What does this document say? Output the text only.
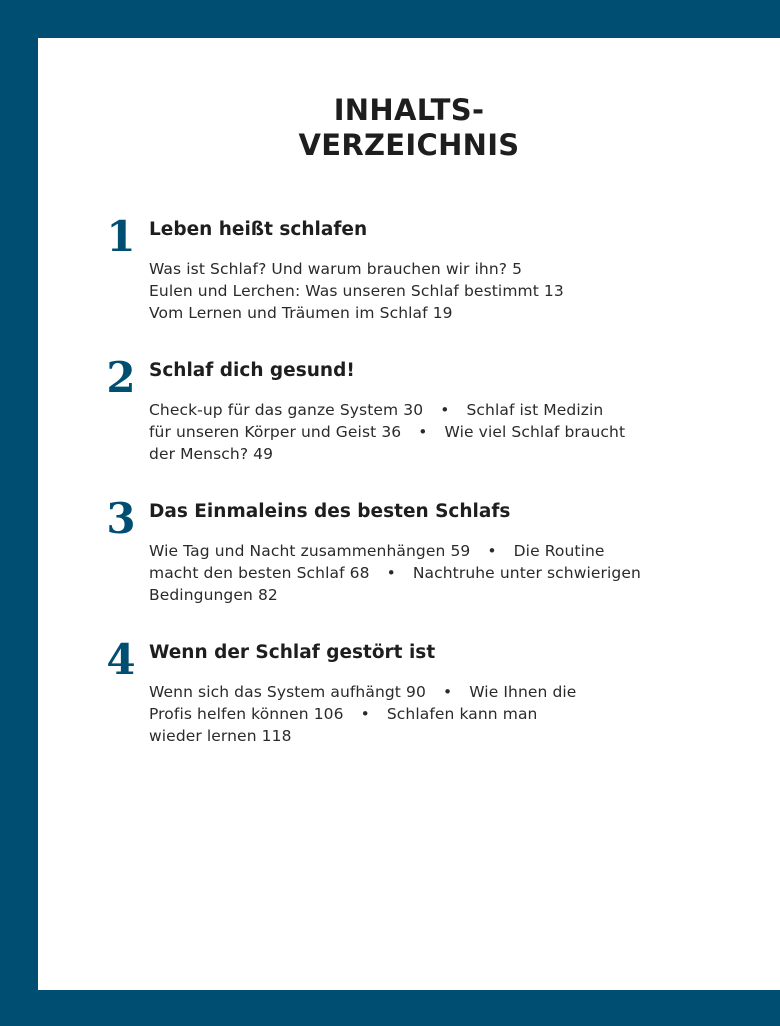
INHALTS-
VERZEICHNIS
1 Leben heißt schlafen
Was ist Schlaf? Und warum brauchen wir ihn? 5
Eulen und Lerchen: Was unseren Schlaf bestimmt 13
Vom Lernen und Träumen im Schlaf 19
2 Schlaf dich gesund!
Check-up für das ganze System 30 • Schlaf ist Medizin
für unseren Körper und Geist 36 • Wie viel Schlaf braucht
der Mensch? 49
3 Das Einmaleins des besten Schlafs
Wie Tag und Nacht zusammenhängen 59 • Die Routine
macht den besten Schlaf 68 • Nachtruhe unter schwierigen
Bedingungen 82
4 Wenn der Schlaf gestört ist
Wenn sich das System aufhängt 90 • Wie Ihnen die
Profis helfen können 106 • Schlafen kann man
wieder lernen 118
